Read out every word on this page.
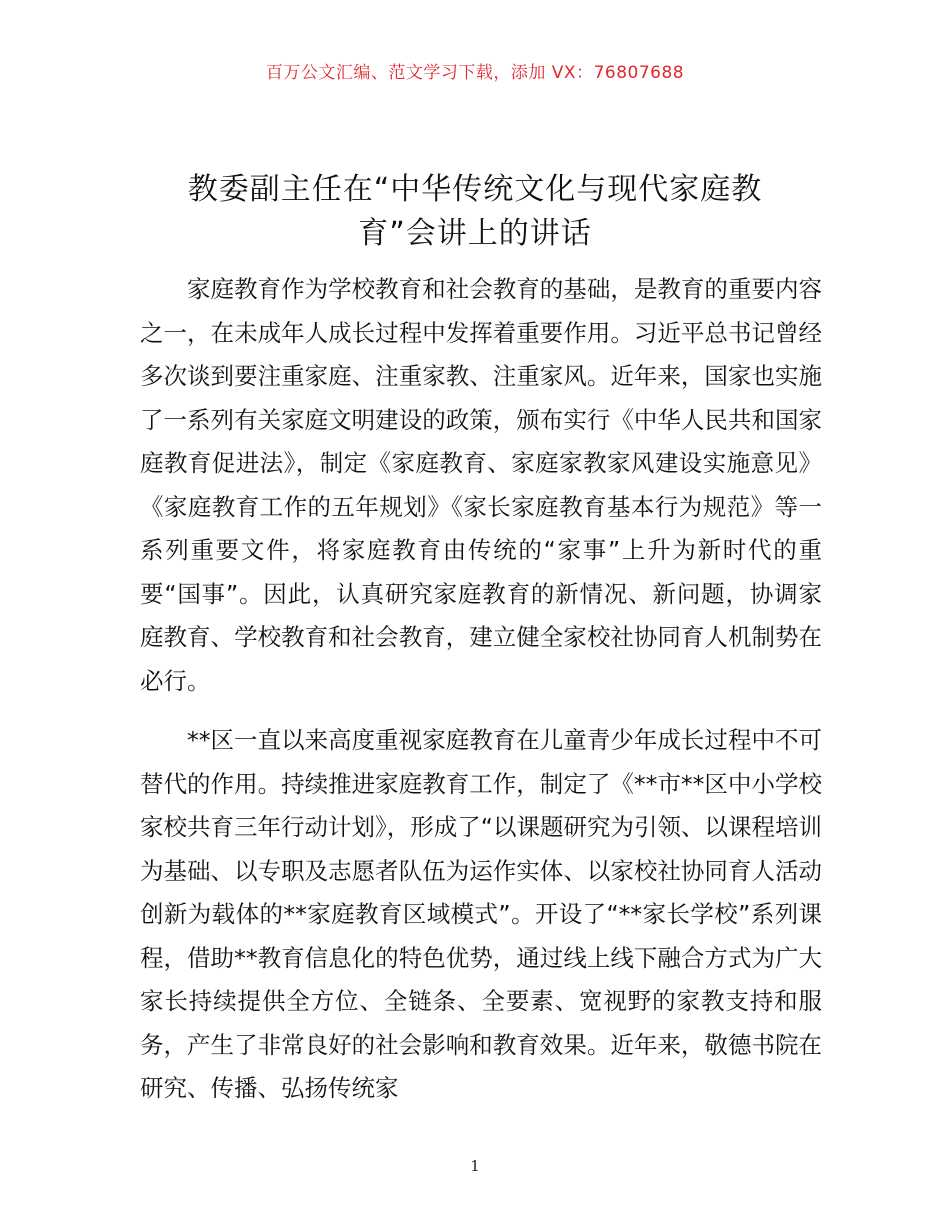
百万公文汇编、范文学习下载，添加 VX：76807688
教委副主任在“中华传统文化与现代家庭教
育”会讲上的讲话

家庭教育作为学校教育和社会教育的基础，是教育的重要内容之一，在未成年人成长过程中发挥着重要作用。习近平总书记曾经多次谈到要注重家庭、注重家教、注重家风。近年来，国家也实施了一系列有关家庭文明建设的政策，颁布实行《中华人民共和国家庭教育促进法》，制定《家庭教育、家庭家教家风建设实施意见》《家庭教育工作的五年规划》《家长家庭教育基本行为规范》等一系列重要文件，将家庭教育由传统的“家事”上升为新时代的重要“国事”。因此，认真研究家庭教育的新情况、新问题，协调家庭教育、学校教育和社会教育，建立健全家校社协同育人机制势在必行。

**区一直以来高度重视家庭教育在儿童青少年成长过程中不可替代的作用。持续推进家庭教育工作，制定了《**市**区中小学校家校共育三年行动计划》，形成了“以课题研究为引领、以课程培训为基础、以专职及志愿者队伍为运作实体、以家校社协同育人活动创新为载体的**家庭教育区域模式”。开设了“**家长学校”系列课程，借助**教育信息化的特色优势，通过线上线下融合方式为广大家长持续提供全方位、全链条、全要素、宽视野的家教支持和服务，产生了非常良好的社会影响和教育效果。近年来，敬德书院在研究、传播、弘扬传统家

1
